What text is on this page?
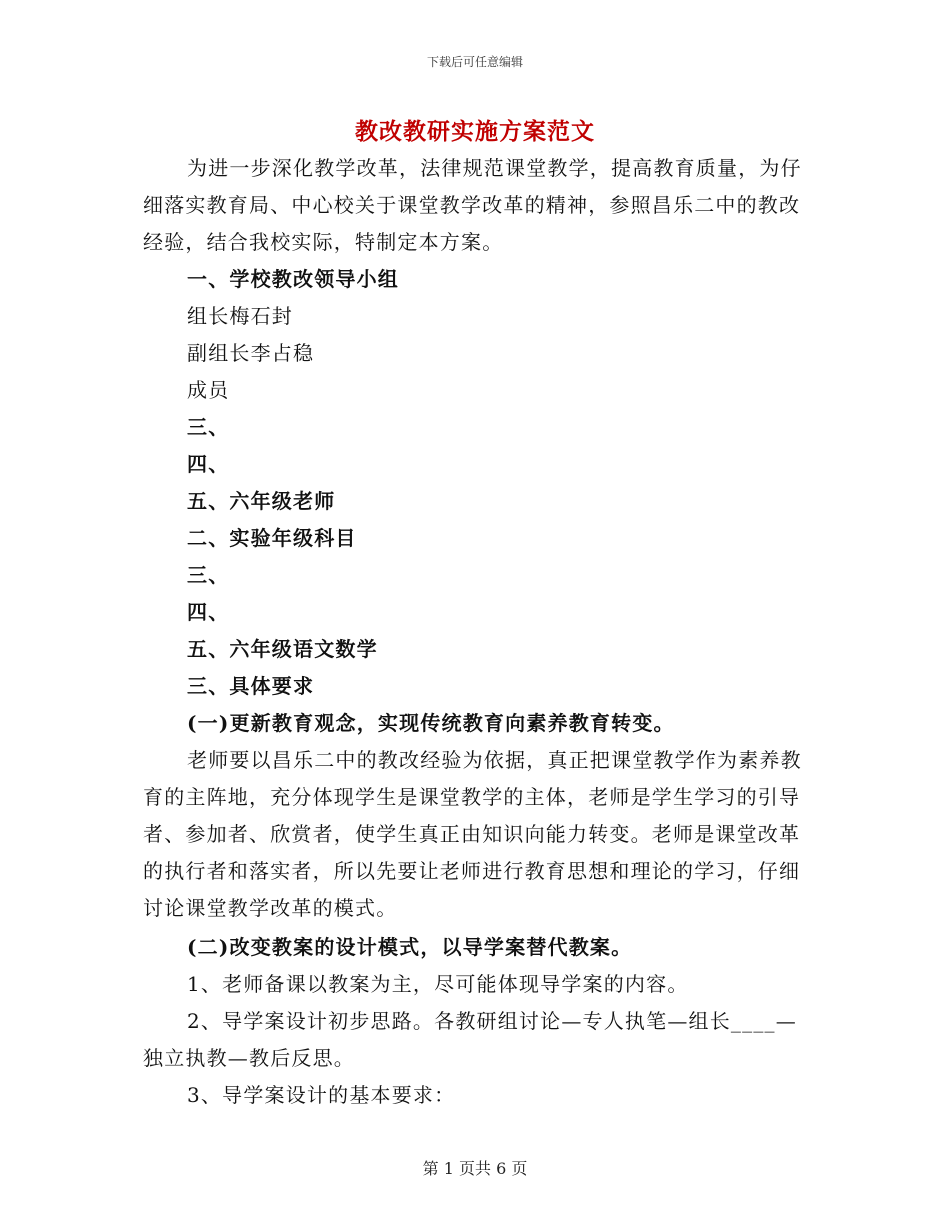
下载后可任意编辑
教改教研实施方案范文

为进一步深化教学改革，法律规范课堂教学，提高教育质量，为仔细落实教育局、中心校关于课堂教学改革的精神，参照昌乐二中的教改经验，结合我校实际，特制定本方案。

一、学校教改领导小组

组长梅石封

副组长李占稳

成员

三、

四、

五、六年级老师

二、实验年级科目

三、

四、

五、六年级语文数学

三、具体要求

(一)更新教育观念，实现传统教育向素养教育转变。

老师要以昌乐二中的教改经验为依据，真正把课堂教学作为素养教育的主阵地，充分体现学生是课堂教学的主体，老师是学生学习的引导者、参加者、欣赏者，使学生真正由知识向能力转变。老师是课堂改革的执行者和落实者，所以先要让老师进行教育思想和理论的学习，仔细讨论课堂教学改革的模式。

(二)改变教案的设计模式，以导学案替代教案。

1、老师备课以教案为主，尽可能体现导学案的内容。

2、导学案设计初步思路。各教研组讨论—专人执笔—组长____—独立执教—教后反思。

3、导学案设计的基本要求：

第 1 页共 6 页
